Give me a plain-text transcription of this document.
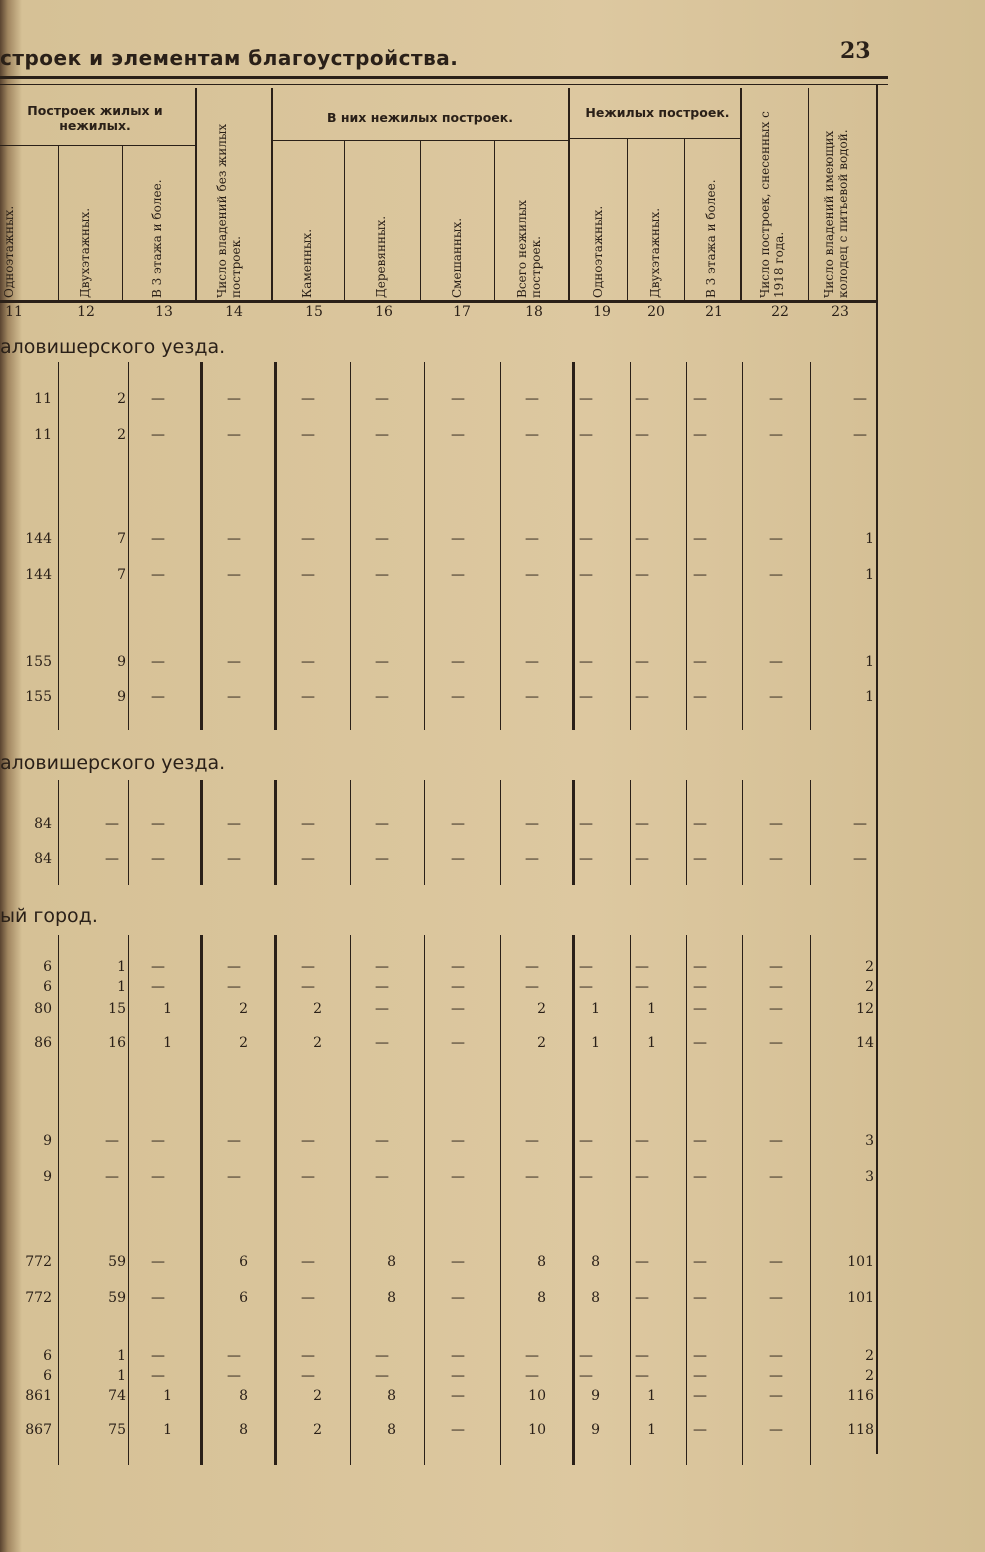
строек и элементам благоустройства.	23
Построек жилых и нежилых.
В них нежилых построек.	Нежилых построек.
Одноэтажных.	Двухэтажных.	В 3 этажа и более.	Число владений без жилых построек.	Каменных.	Деревянных.	Смешанных.	Всего нежилых построек.	Одноэтажных.	Двухэтажных.	В 3 этажа и более.	Число построек, снесенных с 1918 года.	Число владений имеющих колодец с питьевой водой.
11	12	13	14	15	16	17	18	19	20	21	22	23
аловишерского уезда.
аловишерского уезда.
ый город.
11	2	—	—	—	—	—	—	—	—	—	—	—
11	2	—	—	—	—	—	—	—	—	—	—	—
144	7	—	—	—	—	—	—	—	—	—	—	1
144	7	—	—	—	—	—	—	—	—	—	—	1
155	9	—	—	—	—	—	—	—	—	—	—	1
155	9	—	—	—	—	—	—	—	—	—	—	1
84	—	—	—	—	—	—	—	—	—	—	—	—
84	—	—	—	—	—	—	—	—	—	—	—	—
6	1	—	—	—	—	—	—	—	—	—	—	2
6	1	—	—	—	—	—	—	—	—	—	—	2
80	15	1	2	2	—	—	2	1	1	—	—	12
86	16	1	2	2	—	—	2	1	1	—	—	14
9	—	—	—	—	—	—	—	—	—	—	—	3
9	—	—	—	—	—	—	—	—	—	—	—	3
772	59	—	6	—	8	—	8	8	—	—	—	101
772	59	—	6	—	8	—	8	8	—	—	—	101
6	1	—	—	—	—	—	—	—	—	—	—	2
6	1	—	—	—	—	—	—	—	—	—	—	2
861	74	1	8	2	8	—	10	9	1	—	—	116
867	75	1	8	2	8	—	10	9	1	—	—	118
